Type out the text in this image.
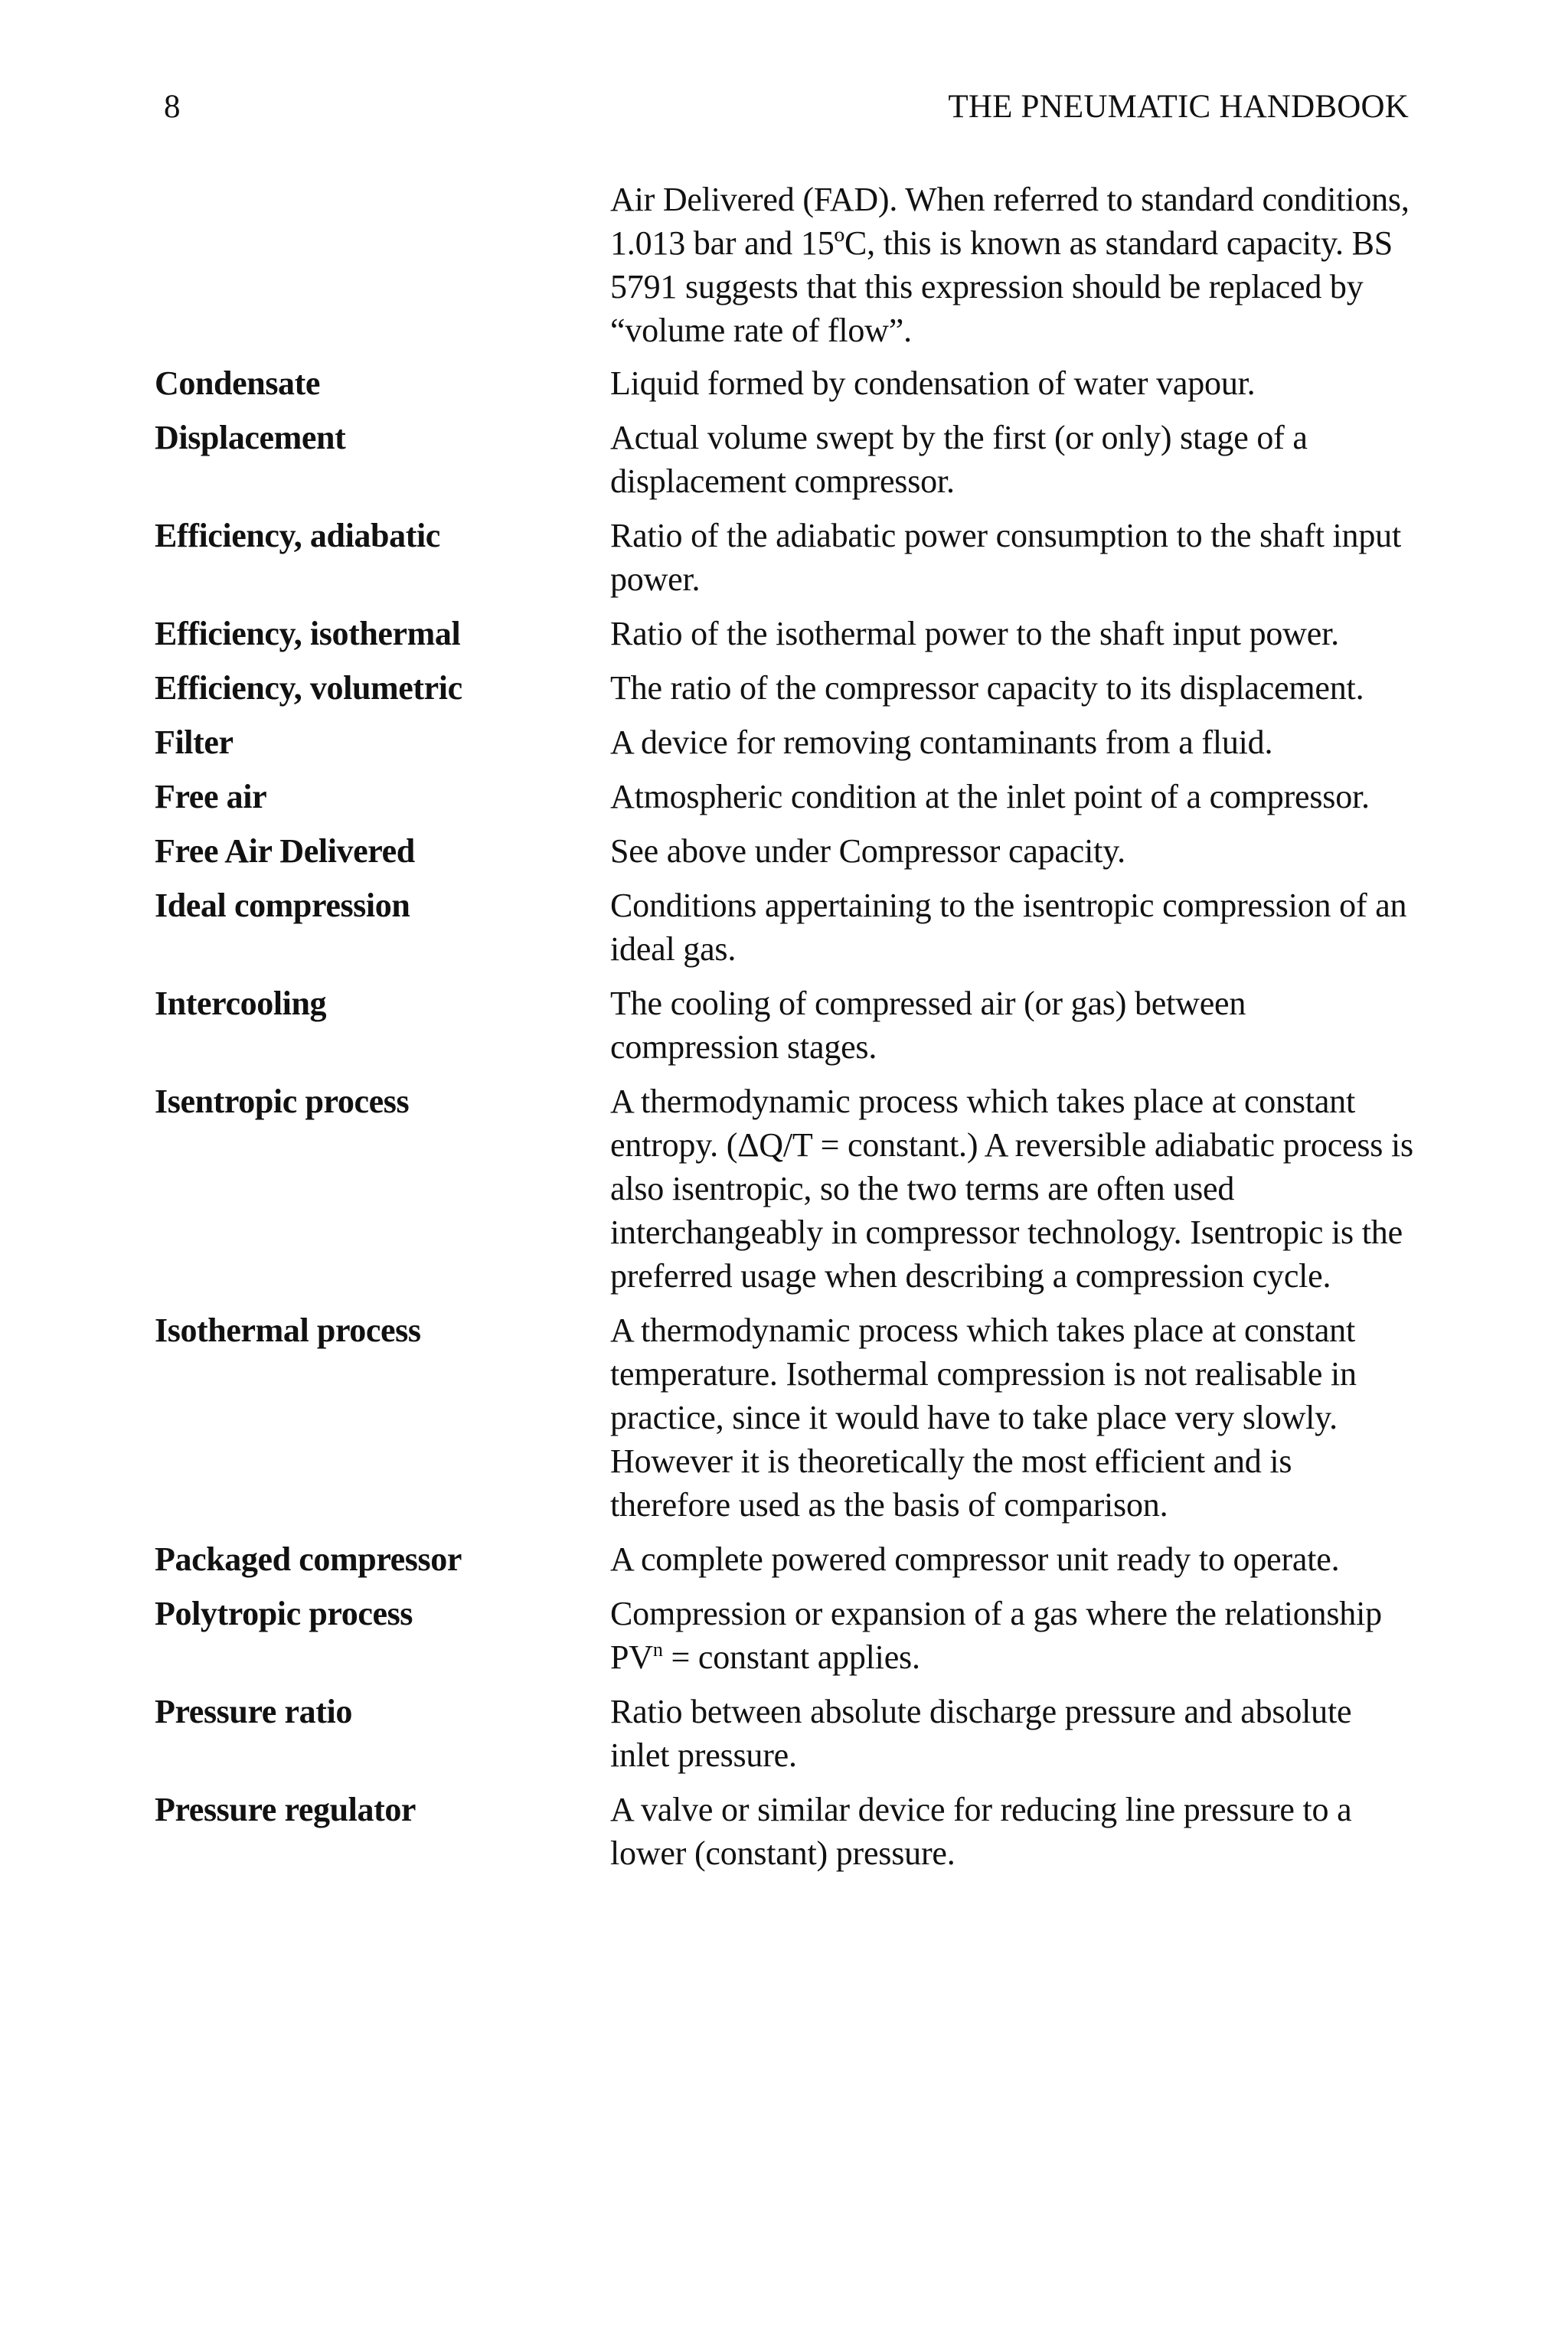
8	THE PNEUMATIC HANDBOOK
Air Delivered (FAD). When referred to standard conditions, 1.013 bar and 15ºC, this is known as standard capacity. BS 5791 suggests that this expression should be replaced by “volume rate of flow”.
Condensate	Liquid formed by condensation of water vapour.
Displacement	Actual volume swept by the first (or only) stage of a displacement compressor.
Efficiency, adiabatic	Ratio of the adiabatic power consumption to the shaft input power.
Efficiency, isothermal	Ratio of the isothermal power to the shaft input power.
Efficiency, volumetric	The ratio of the compressor capacity to its displacement.
Filter	A device for removing contaminants from a fluid.
Free air	Atmospheric condition at the inlet point of a compressor.
Free Air Delivered	See above under Compressor capacity.
Ideal compression	Conditions appertaining to the isentropic compression of an ideal gas.
Intercooling	The cooling of compressed air (or gas) between compression stages.
Isentropic process	A thermodynamic process which takes place at constant entropy. (ΔQ/T = constant.) A reversible adiabatic process is also isentropic, so the two terms are often used interchangeably in compressor technology. Isentropic is the preferred usage when describing a compression cycle.
Isothermal process	A thermodynamic process which takes place at constant temperature. Isothermal compression is not realisable in practice, since it would have to take place very slowly. However it is theoretically the most efficient and is therefore used as the basis of comparison.
Packaged compressor	A complete powered compressor unit ready to operate.
Polytropic process	Compression or expansion of a gas where the relationship $PV^n$ = constant applies.
Pressure ratio	Ratio between absolute discharge pressure and absolute inlet pressure.
Pressure regulator	A valve or similar device for reducing line pressure to a lower (constant) pressure.
